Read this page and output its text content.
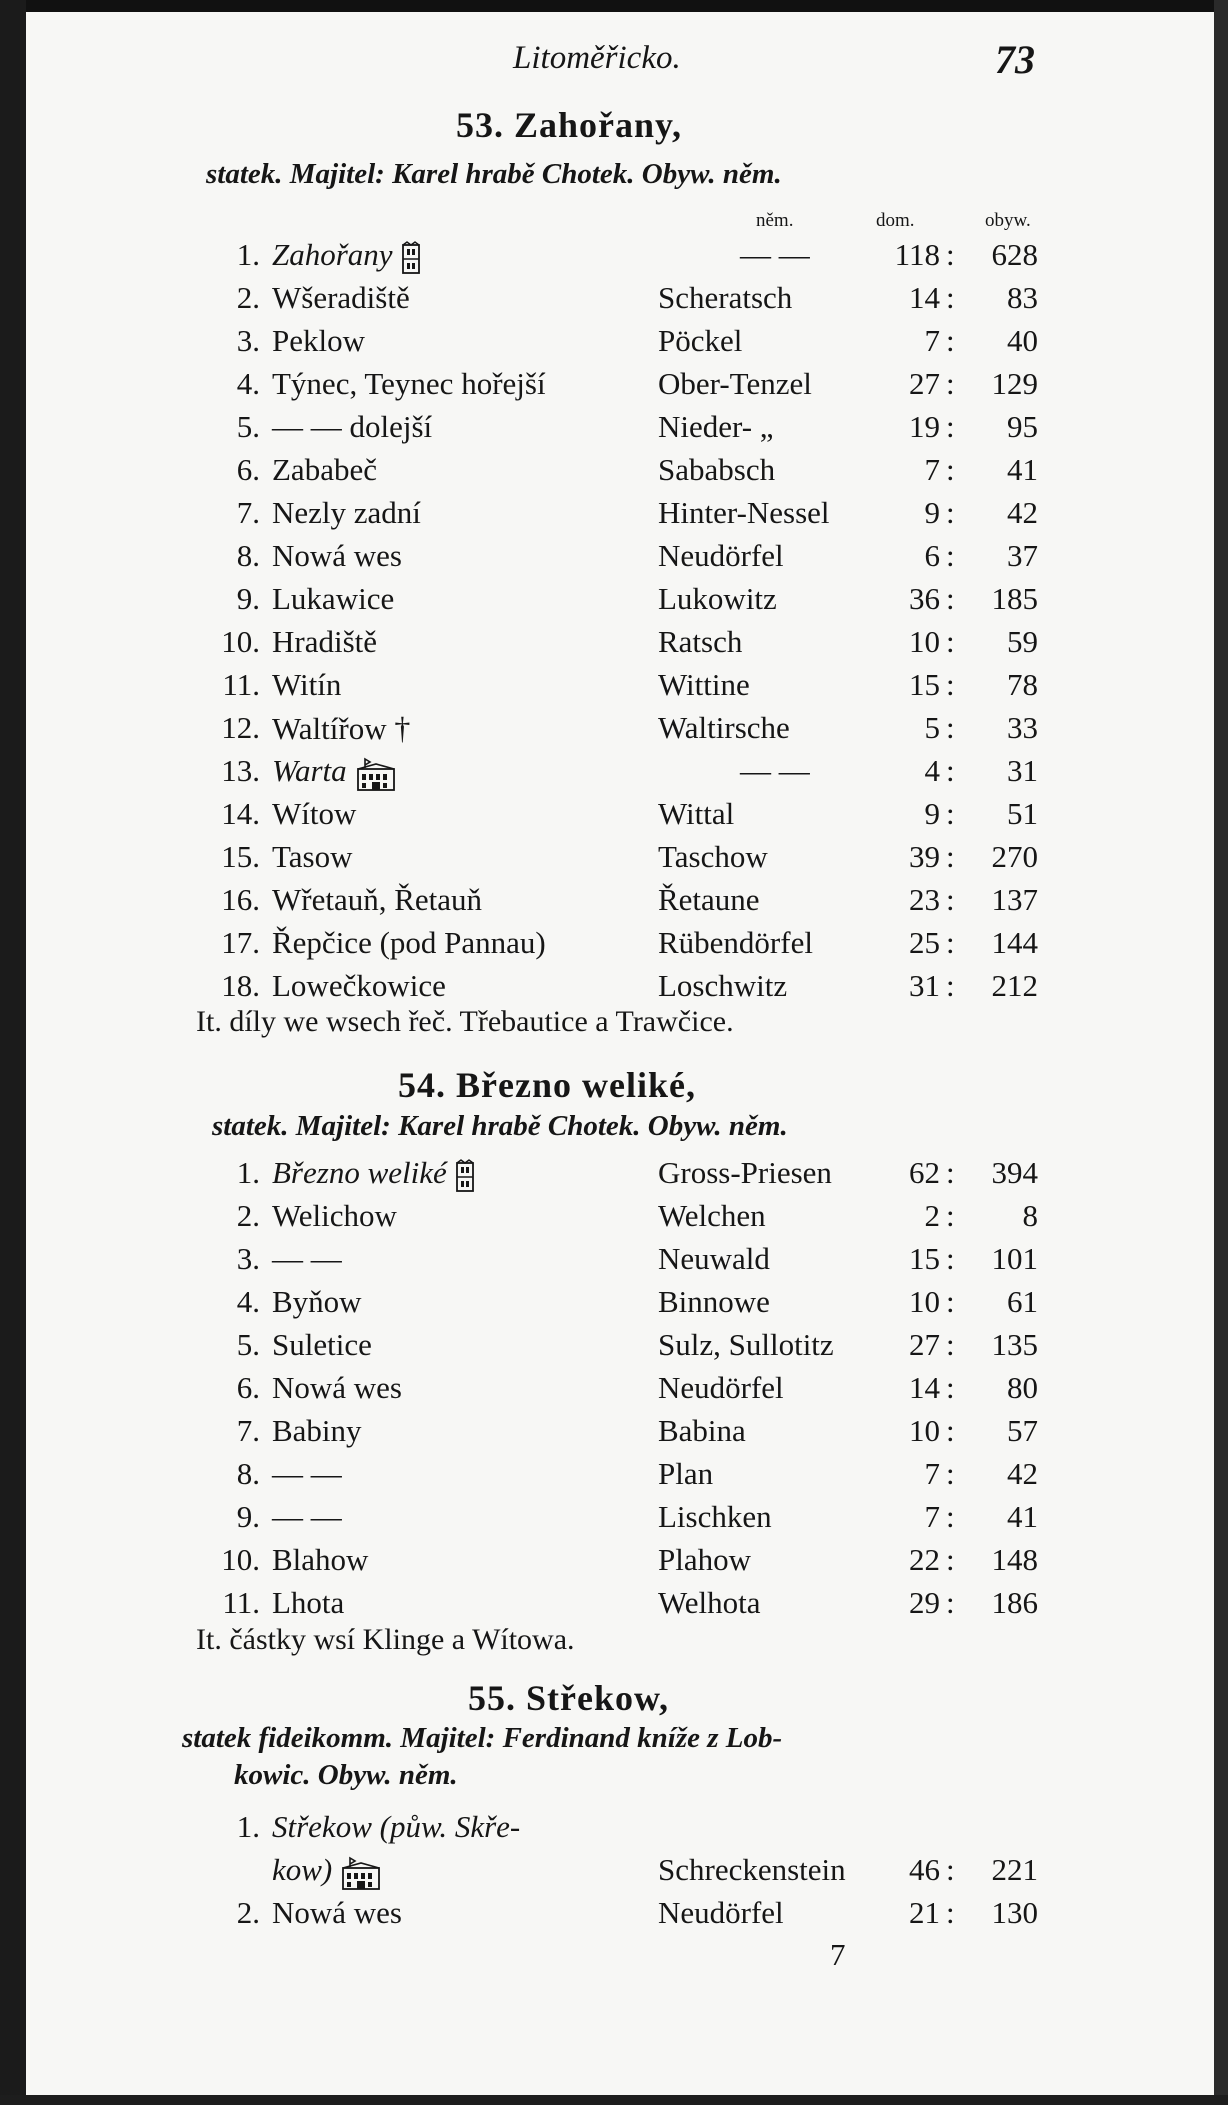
Litoměřicko.	73
53. Zahořany,
statek. Majitel: Karel hrabě Chotek. Obyw. něm.
něm.	dom.	obyw.
1. Zahořany	— —	118 :	628
2. Wšeradiště	Scheratsch	14 :	83
3. Peklow	Pöckel	7 :	40
4. Týnec, Teynec hořejší	Ober-Tenzel	27 :	129
5. — — dolejší	Nieder- „	19 :	95
6. Zababeč	Sababsch	7 :	41
7. Nezly zadní	Hinter-Nessel	9 :	42
8. Nowá wes	Neudörfel	6 :	37
9. Lukawice	Lukowitz	36 :	185
10. Hradiště	Ratsch	10 :	59
11. Witín	Wittine	15 :	78
12. Waltířow †	Waltirsche	5 :	33
13. Warta	— —	4 :	31
14. Wítow	Wittal	9 :	51
15. Tasow	Taschow	39 :	270
16. Wřetauň, Řetauň	Řetaune	23 :	137
17. Řepčice (pod Pannau)	Rübendörfel	25 :	144
18. Lowečkowice	Loschwitz	31 :	212
It. díly we wsech řeč. Třebautice a Trawčice.
54. Březno weliké,
statek. Majitel: Karel hrabě Chotek. Obyw. něm.
1. Březno weliké	Gross-Priesen	62 :	394
2. Welichow	Welchen	2 :	8
3. — —	Neuwald	15 :	101
4. Byňow	Binnowe	10 :	61
5. Suletice	Sulz, Sullotitz	27 :	135
6. Nowá wes	Neudörfel	14 :	80
7. Babiny	Babina	10 :	57
8. — —	Plan	7 :	42
9. — —	Lischken	7 :	41
10. Blahow	Plahow	22 :	148
11. Lhota	Welhota	29 :	186
It. částky wsí Klinge a Wítowa.
55. Střekow,
statek fideikomm. Majitel: Ferdinand kníže z Lob-
kowic. Obyw. něm.
1. Střekow (půw. Skře-
kow)	Schreckenstein	46 :	221
2. Nowá wes	Neudörfel	21 :	130
7
